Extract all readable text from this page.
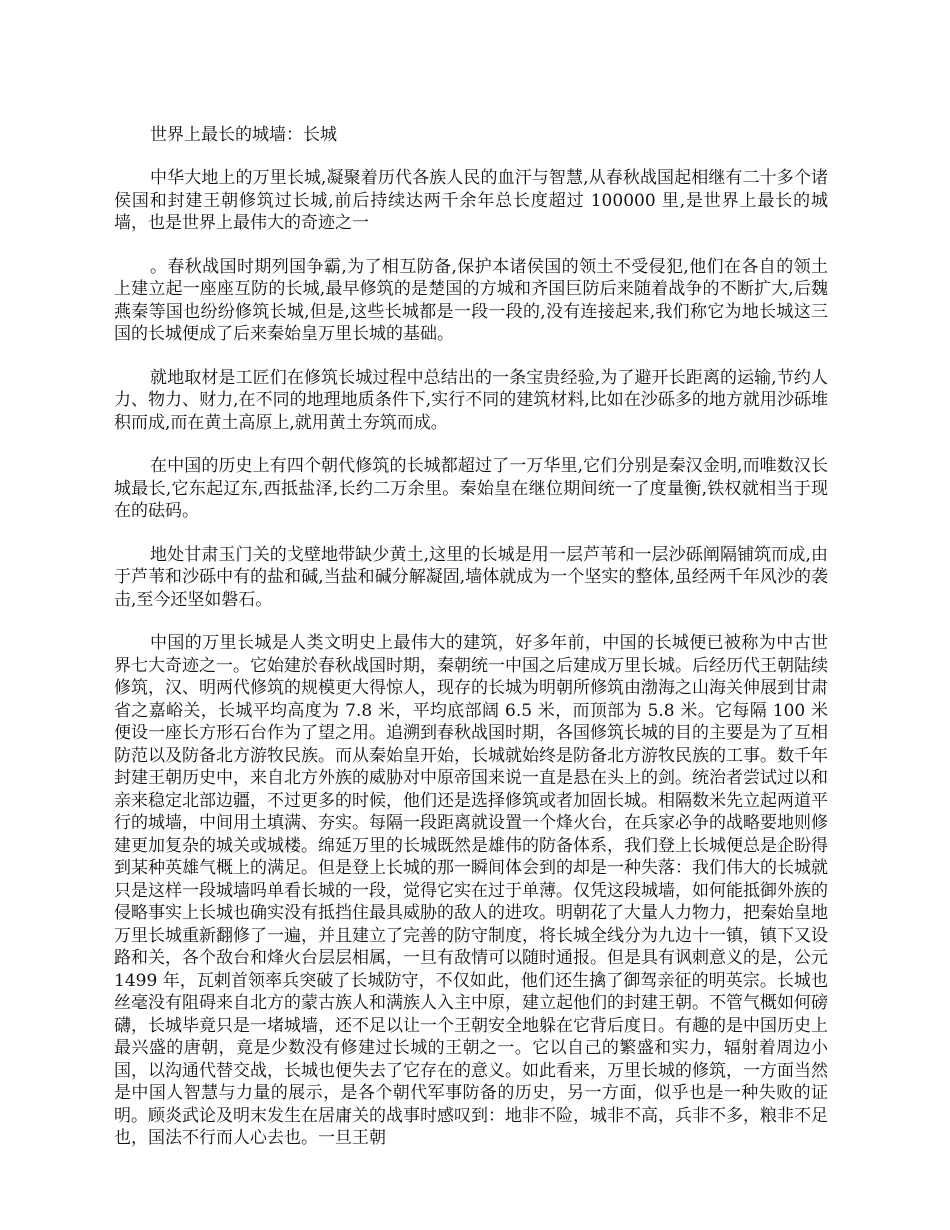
世界上最长的城墙：长城

中华大地上的万里长城,凝聚着历代各族人民的血汗与智慧,从春秋战国起相继有二十多个诸侯国和封建王朝修筑过长城,前后持续达两千余年总长度超过 100000 里,是世界上最长的城墙，也是世界上最伟大的奇迹之一

。春秋战国时期列国争霸,为了相互防备,保护本诸侯国的领土不受侵犯,他们在各自的领土上建立起一座座互防的长城,最早修筑的是楚国的方城和齐国巨防后来随着战争的不断扩大,后魏燕秦等国也纷纷修筑长城,但是,这些长城都是一段一段的,没有连接起来,我们称它为地长城这三国的长城便成了后来秦始皇万里长城的基础。

就地取材是工匠们在修筑长城过程中总结出的一条宝贵经验,为了避开长距离的运输,节约人力、物力、财力,在不同的地理地质条件下,实行不同的建筑材料,比如在沙砾多的地方就用沙砾堆积而成,而在黄土高原上,就用黄土夯筑而成。

在中国的历史上有四个朝代修筑的长城都超过了一万华里,它们分别是秦汉金明,而唯数汉长城最长,它东起辽东,西抵盐泽,长约二万余里。秦始皇在继位期间统一了度量衡,铁权就相当于现在的砝码。

地处甘肃玉门关的戈壁地带缺少黄土,这里的长城是用一层芦苇和一层沙砾阐隔铺筑而成,由于芦苇和沙砾中有的盐和碱,当盐和碱分解凝固,墙体就成为一个坚实的整体,虽经两千年风沙的袭击,至今还坚如磐石。

中国的万里长城是人类文明史上最伟大的建筑，好多年前，中国的长城便已被称为中古世界七大奇迹之一。它始建於春秋战国时期，秦朝统一中国之后建成万里长城。后经历代王朝陆续修筑，汉、明两代修筑的规模更大得惊人，现存的长城为明朝所修筑由渤海之山海关伸展到甘肃省之嘉峪关，长城平均高度为 7.8 米，平均底部阔 6.5 米，而顶部为 5.8 米。它每隔 100 米便设一座长方形石台作为了望之用。追溯到春秋战国时期，各国修筑长城的目的主要是为了互相防范以及防备北方游牧民族。而从秦始皇开始，长城就始终是防备北方游牧民族的工事。数千年封建王朝历史中，来自北方外族的威胁对中原帝国来说一直是悬在头上的剑。统治者尝试过以和亲来稳定北部边疆，不过更多的时候，他们还是选择修筑或者加固长城。相隔数米先立起两道平行的城墙，中间用土填满、夯实。每隔一段距离就设置一个烽火台，在兵家必争的战略要地则修建更加复杂的城关或城楼。绵延万里的长城既然是雄伟的防备体系，我们登上长城便总是企盼得到某种英雄气概上的满足。但是登上长城的那一瞬间体会到的却是一种失落：我们伟大的长城就只是这样一段城墙吗单看长城的一段，觉得它实在过于单薄。仅凭这段城墙，如何能抵御外族的侵略事实上长城也确实没有抵挡住最具威胁的敌人的进攻。明朝花了大量人力物力，把秦始皇地万里长城重新翻修了一遍，并且建立了完善的防守制度，将长城全线分为九边十一镇，镇下又设路和关，各个敌台和烽火台层层相属，一旦有敌情可以随时通报。但是具有讽刺意义的是，公元 1499 年，瓦剌首领率兵突破了长城防守，不仅如此，他们还生擒了御驾亲征的明英宗。长城也丝毫没有阻碍来自北方的蒙古族人和满族人入主中原，建立起他们的封建王朝。不管气概如何磅礴，长城毕竟只是一堵城墙，还不足以让一个王朝安全地躲在它背后度日。有趣的是中国历史上最兴盛的唐朝，竟是少数没有修建过长城的王朝之一。它以自己的繁盛和实力，辐射着周边小国，以沟通代替交战，长城也便失去了它存在的意义。如此看来，万里长城的修筑，一方面当然是中国人智慧与力量的展示，是各个朝代军事防备的历史，另一方面，似乎也是一种失败的证明。顾炎武论及明末发生在居庸关的战事时感叹到：地非不险，城非不高，兵非不多，粮非不足也，国法不行而人心去也。一旦王朝
